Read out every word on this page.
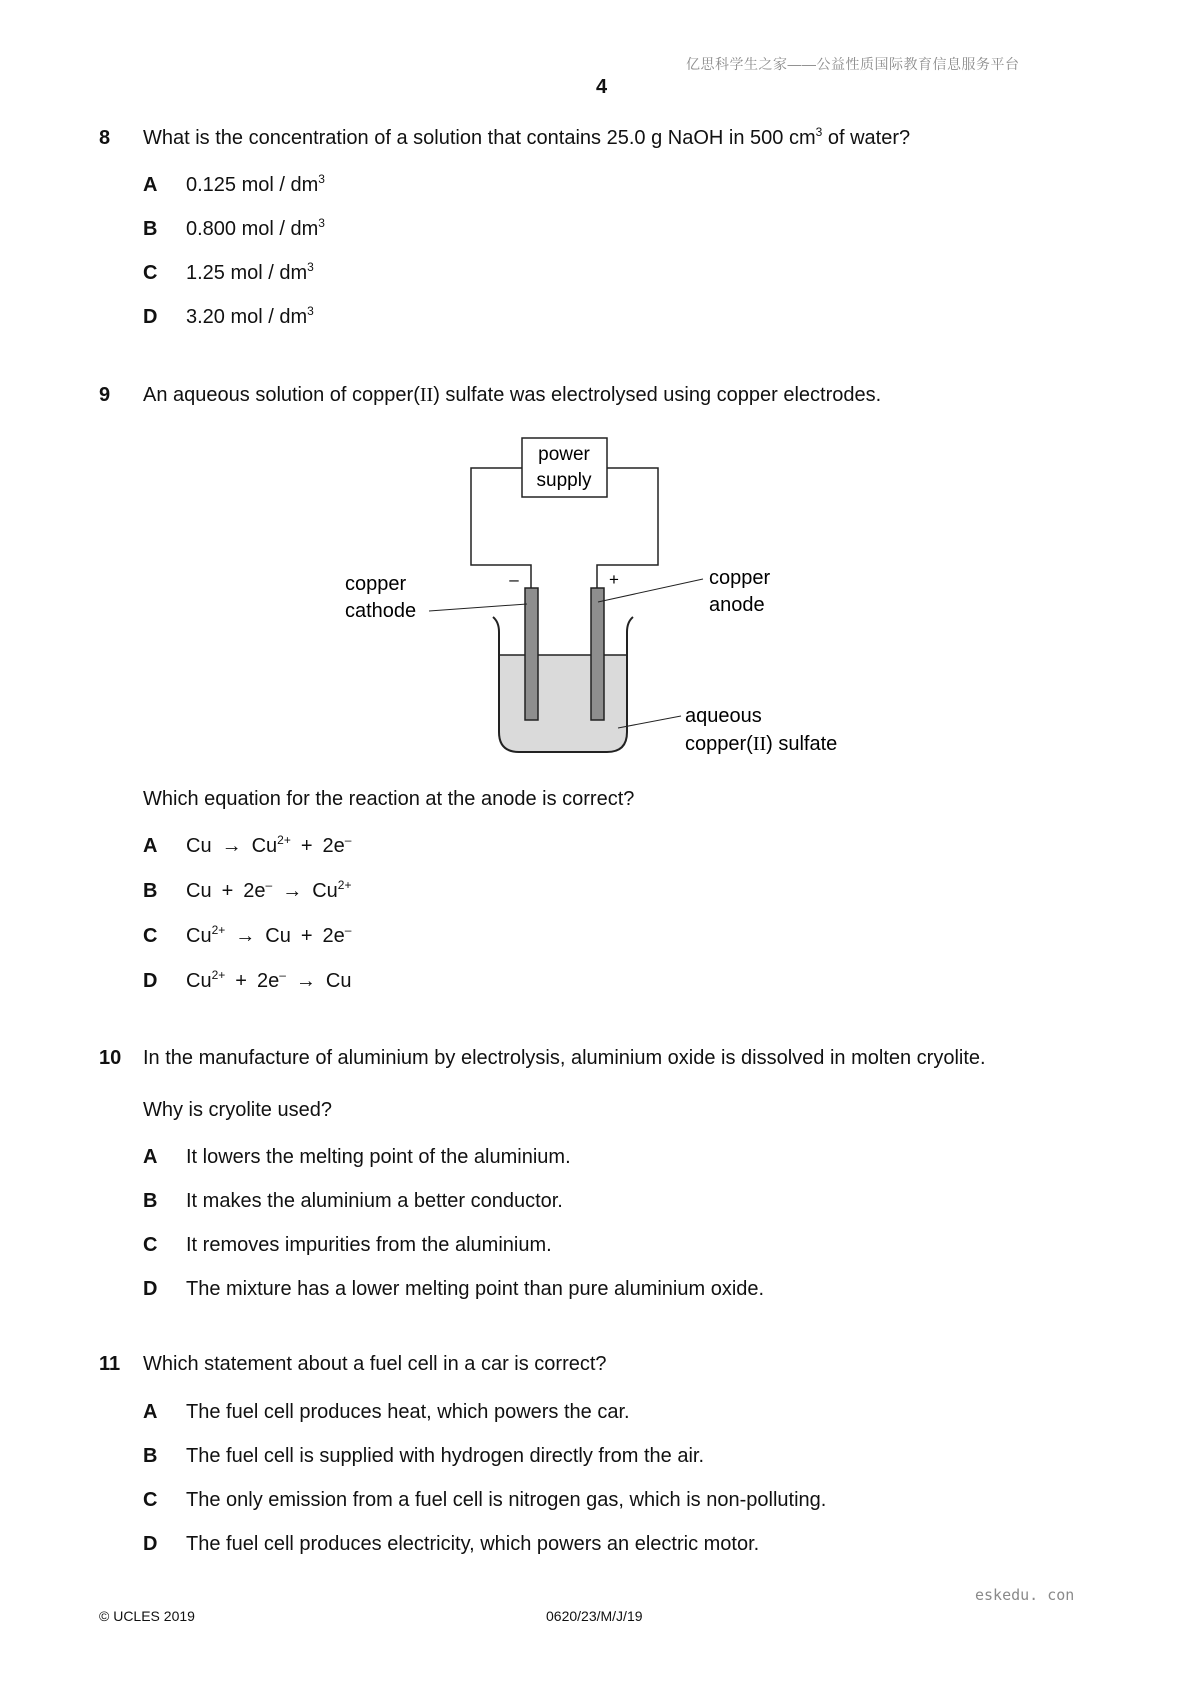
亿思科学生之家——公益性质国际教育信息服务平台
4
8 What is the concentration of a solution that contains 25.0 g NaOH in 500 $cm^3$ of water?
A	0.125 mol / $dm^3$
B	0.800 mol / $dm^3$
C	1.25 mol / $dm^3$
D	3.20 mol / $dm^3$
9 An aqueous solution of copper(II) sulfate was electrolysed using copper electrodes.
power
supply
–	+
copper
cathode
copper
anode
aqueous
copper(II) sulfate
Which equation for the reaction at the anode is correct?
A	$Cu \to Cu^{2+} + 2e^-$
B	$Cu + 2e^- \to Cu^{2+}$
C	$Cu^{2+} \to Cu + 2e^-$
D	$Cu^{2+} + 2e^- \to Cu$
10 In the manufacture of aluminium by electrolysis, aluminium oxide is dissolved in molten cryolite.
Why is cryolite used?
A	It lowers the melting point of the aluminium.
B	It makes the aluminium a better conductor.
C	It removes impurities from the aluminium.
D	The mixture has a lower melting point than pure aluminium oxide.
11 Which statement about a fuel cell in a car is correct?
A	The fuel cell produces heat, which powers the car.
B	The fuel cell is supplied with hydrogen directly from the air.
C	The only emission from a fuel cell is nitrogen gas, which is non-polluting.
D	The fuel cell produces electricity, which powers an electric motor.
eskedu. con
© UCLES 2019	0620/23/M/J/19
